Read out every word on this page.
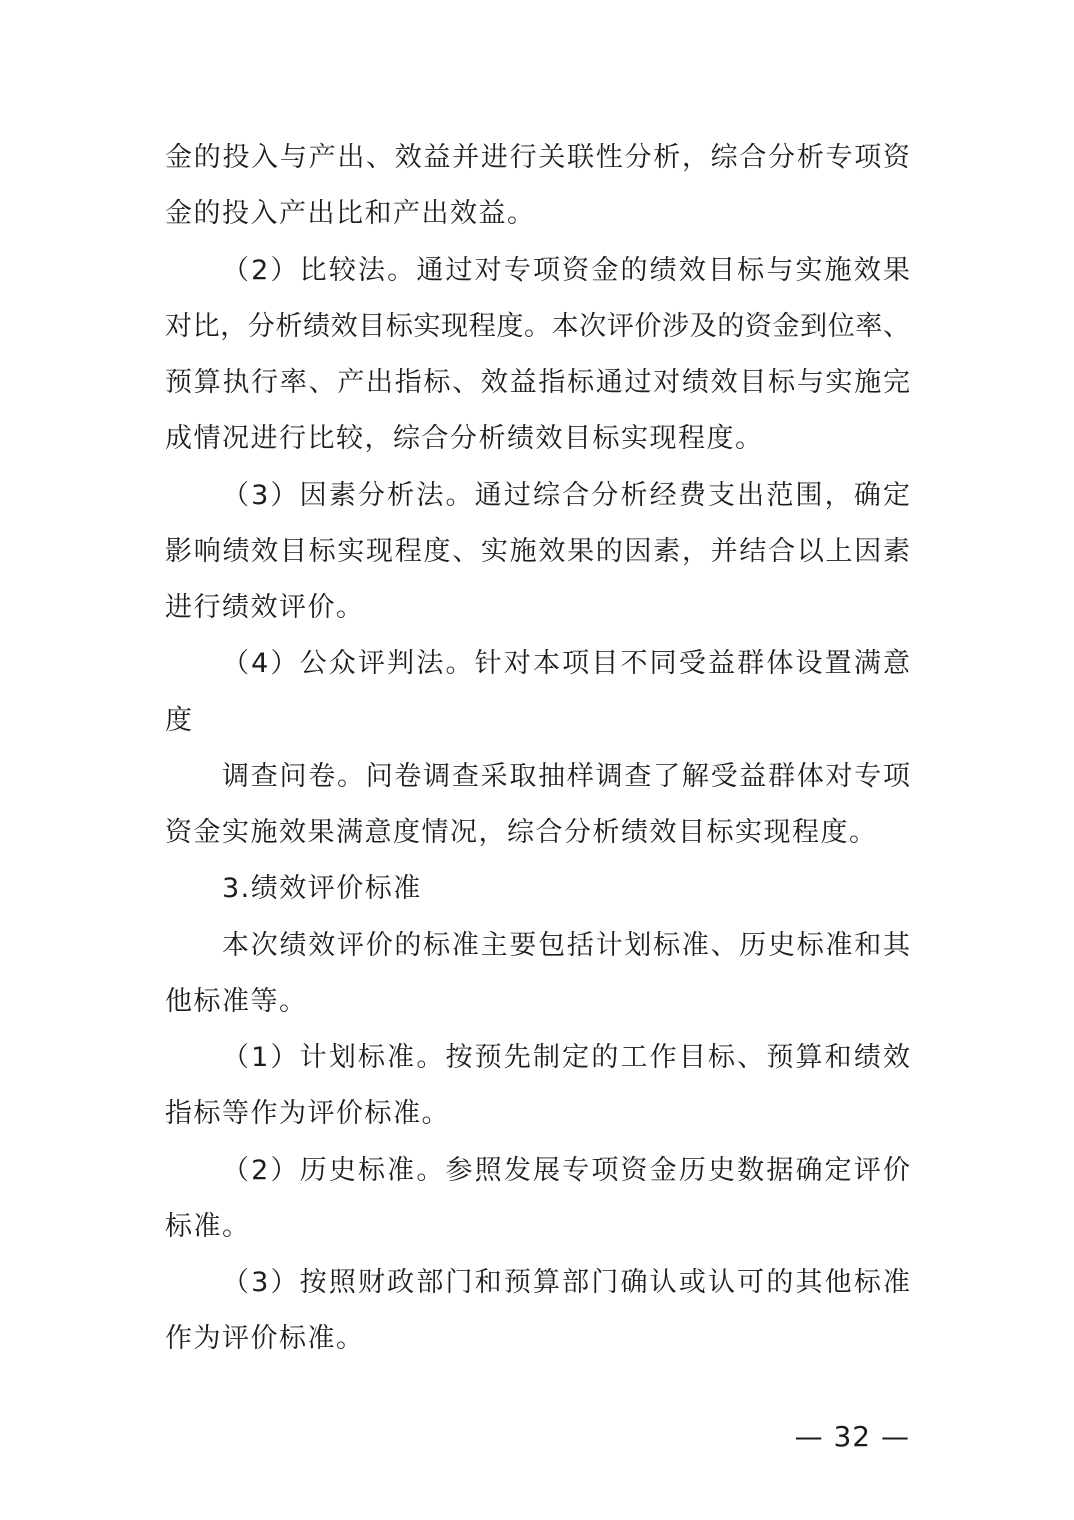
金的投入与产出、效益并进行关联性分析，综合分析专项资
金的投入产出比和产出效益。
（2）比较法。通过对专项资金的绩效目标与实施效果
对比，分析绩效目标实现程度。本次评价涉及的资金到位率、
预算执行率、产出指标、效益指标通过对绩效目标与实施完
成情况进行比较，综合分析绩效目标实现程度。
（3）因素分析法。通过综合分析经费支出范围，确定
影响绩效目标实现程度、实施效果的因素，并结合以上因素
进行绩效评价。
（4）公众评判法。针对本项目不同受益群体设置满意
度
调查问卷。问卷调查采取抽样调查了解受益群体对专项
资金实施效果满意度情况，综合分析绩效目标实现程度。
3.绩效评价标准
本次绩效评价的标准主要包括计划标准、历史标准和其
他标准等。
（1）计划标准。按预先制定的工作目标、预算和绩效
指标等作为评价标准。
（2）历史标准。参照发展专项资金历史数据确定评价
标准。
（3）按照财政部门和预算部门确认或认可的其他标准
作为评价标准。
— 32 —
